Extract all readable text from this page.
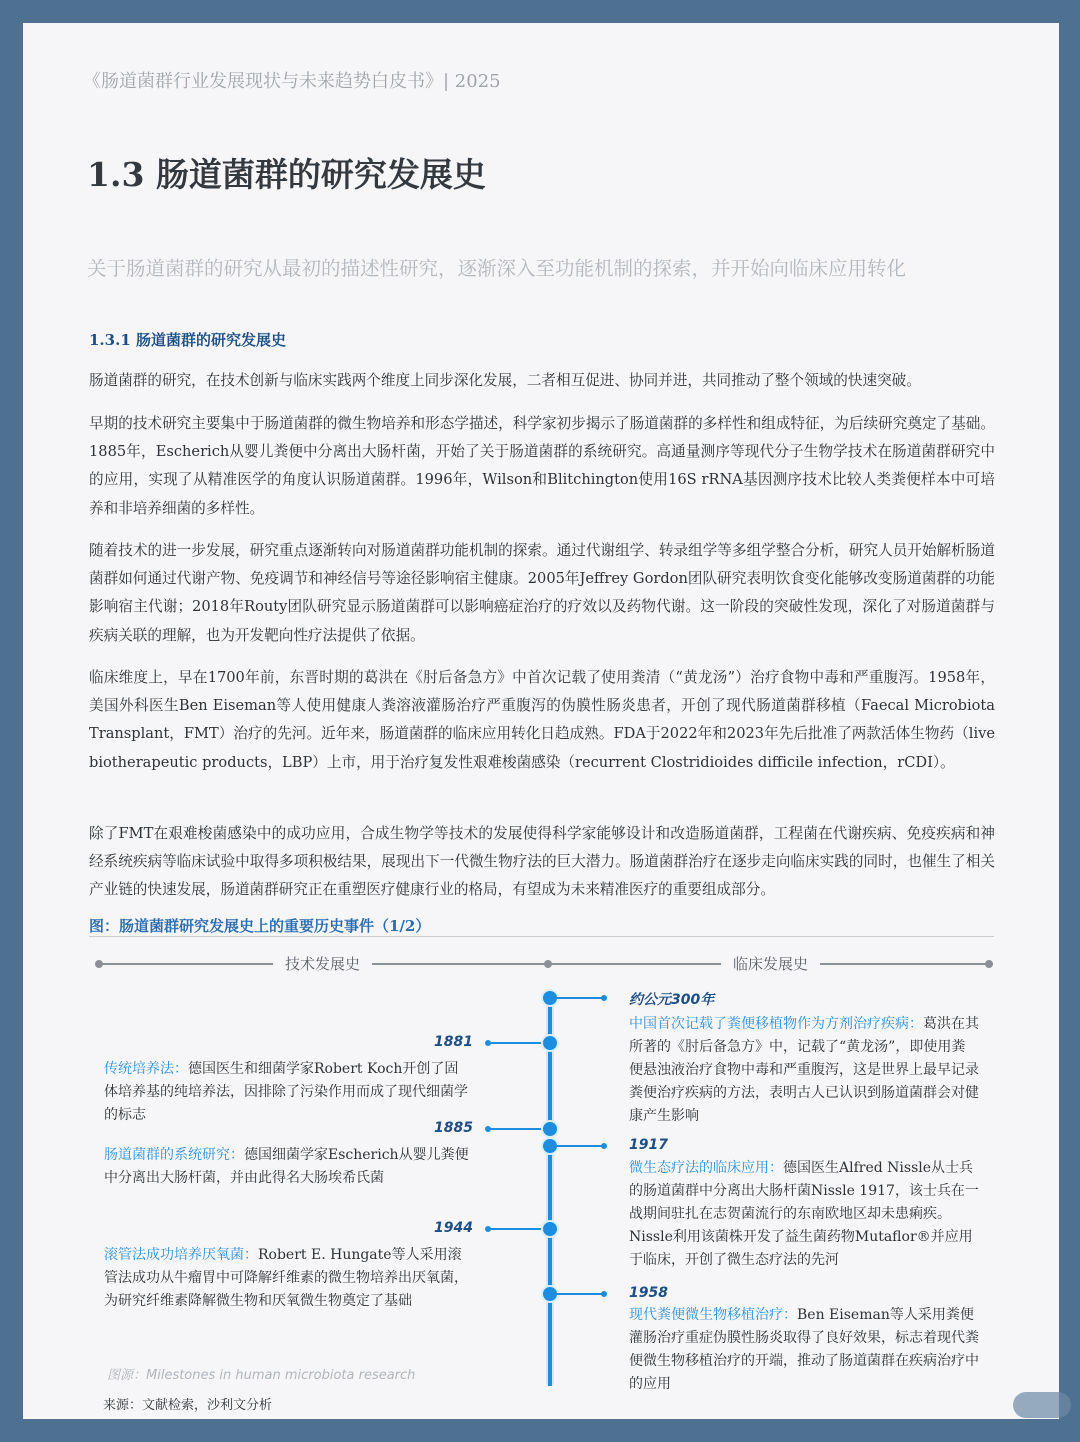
《肠道菌群行业发展现状与未来趋势白皮书》| 2025

1.3 肠道菌群的研究发展史

关于肠道菌群的研究从最初的描述性研究，逐渐深入至功能机制的探索，并开始向临床应用转化

1.3.1 肠道菌群的研究发展史

肠道菌群的研究，在技术创新与临床实践两个维度上同步深化发展，二者相互促进、协同并进，共同推动了整个领域的快速突破。

早期的技术研究主要集中于肠道菌群的微生物培养和形态学描述，科学家初步揭示了肠道菌群的多样性和组成特征，为后续研究奠定了基础。1885年，Escherich从婴儿粪便中分离出大肠杆菌，开始了关于肠道菌群的系统研究。高通量测序等现代分子生物学技术在肠道菌群研究中的应用，实现了从精准医学的角度认识肠道菌群。1996年，Wilson和Blitchington使用16S rRNA基因测序技术比较人类粪便样本中可培养和非培养细菌的多样性。

随着技术的进一步发展，研究重点逐渐转向对肠道菌群功能机制的探索。通过代谢组学、转录组学等多组学整合分析，研究人员开始解析肠道菌群如何通过代谢产物、免疫调节和神经信号等途径影响宿主健康。2005年Jeffrey Gordon团队研究表明饮食变化能够改变肠道菌群的功能影响宿主代谢；2018年Routy团队研究显示肠道菌群可以影响癌症治疗的疗效以及药物代谢。这一阶段的突破性发现，深化了对肠道菌群与疾病关联的理解，也为开发靶向性疗法提供了依据。

临床维度上，早在1700年前，东晋时期的葛洪在《肘后备急方》中首次记载了使用粪清（“黄龙汤”）治疗食物中毒和严重腹泻。1958年，美国外科医生Ben Eiseman等人使用健康人粪溶液灌肠治疗严重腹泻的伪膜性肠炎患者，开创了现代肠道菌群移植（Faecal Microbiota Transplant，FMT）治疗的先河。近年来，肠道菌群的临床应用转化日趋成熟。FDA于2022年和2023年先后批准了两款活体生物药（live biotherapeutic products，LBP）上市，用于治疗复发性艰难梭菌感染（recurrent Clostridioides difficile infection，rCDI）。

除了FMT在艰难梭菌感染中的成功应用，合成生物学等技术的发展使得科学家能够设计和改造肠道菌群，工程菌在代谢疾病、免疫疾病和神经系统疾病等临床试验中取得多项积极结果，展现出下一代微生物疗法的巨大潜力。肠道菌群治疗在逐步走向临床实践的同时，也催生了相关产业链的快速发展，肠道菌群研究正在重塑医疗健康行业的格局，有望成为未来精准医疗的重要组成部分。

图：肠道菌群研究发展史上的重要历史事件（1/2）

技术发展史	临床发展史
约公元300年

中国首次记载了粪便移植物作为方剂治疗疾病：葛洪在其所著的《肘后备急方》中，记载了“黄龙汤”，即使用粪便悬浊液治疗食物中毒和严重腹泻，这是世界上最早记录粪便治疗疾病的方法，表明古人已认识到肠道菌群会对健康产生影响

1881

传统培养法：德国医生和细菌学家Robert Koch开创了固体培养基的纯培养法，因排除了污染作用而成了现代细菌学的标志

1885

肠道菌群的系统研究：德国细菌学家Escherich从婴儿粪便中分离出大肠杆菌，并由此得名大肠埃希氏菌

1917

微生态疗法的临床应用：德国医生Alfred Nissle从士兵的肠道菌群中分离出大肠杆菌Nissle 1917，该士兵在一战期间驻扎在志贺菌流行的东南欧地区却未患痢疾。Nissle利用该菌株开发了益生菌药物Mutaflor®并应用于临床，开创了微生态疗法的先河

1944

滚管法成功培养厌氧菌：Robert E. Hungate等人采用滚管法成功从牛瘤胃中可降解纤维素的微生物培养出厌氧菌，为研究纤维素降解微生物和厌氧微生物奠定了基础	1958

现代粪便微生物移植治疗：Ben Eiseman等人采用粪便灌肠治疗重症伪膜性肠炎取得了良好效果，标志着现代粪便微生物移植治疗的开端，推动了肠道菌群在疾病治疗中的应用

图源：Milestones in human microbiota research

来源：文献检索，沙利文分析
